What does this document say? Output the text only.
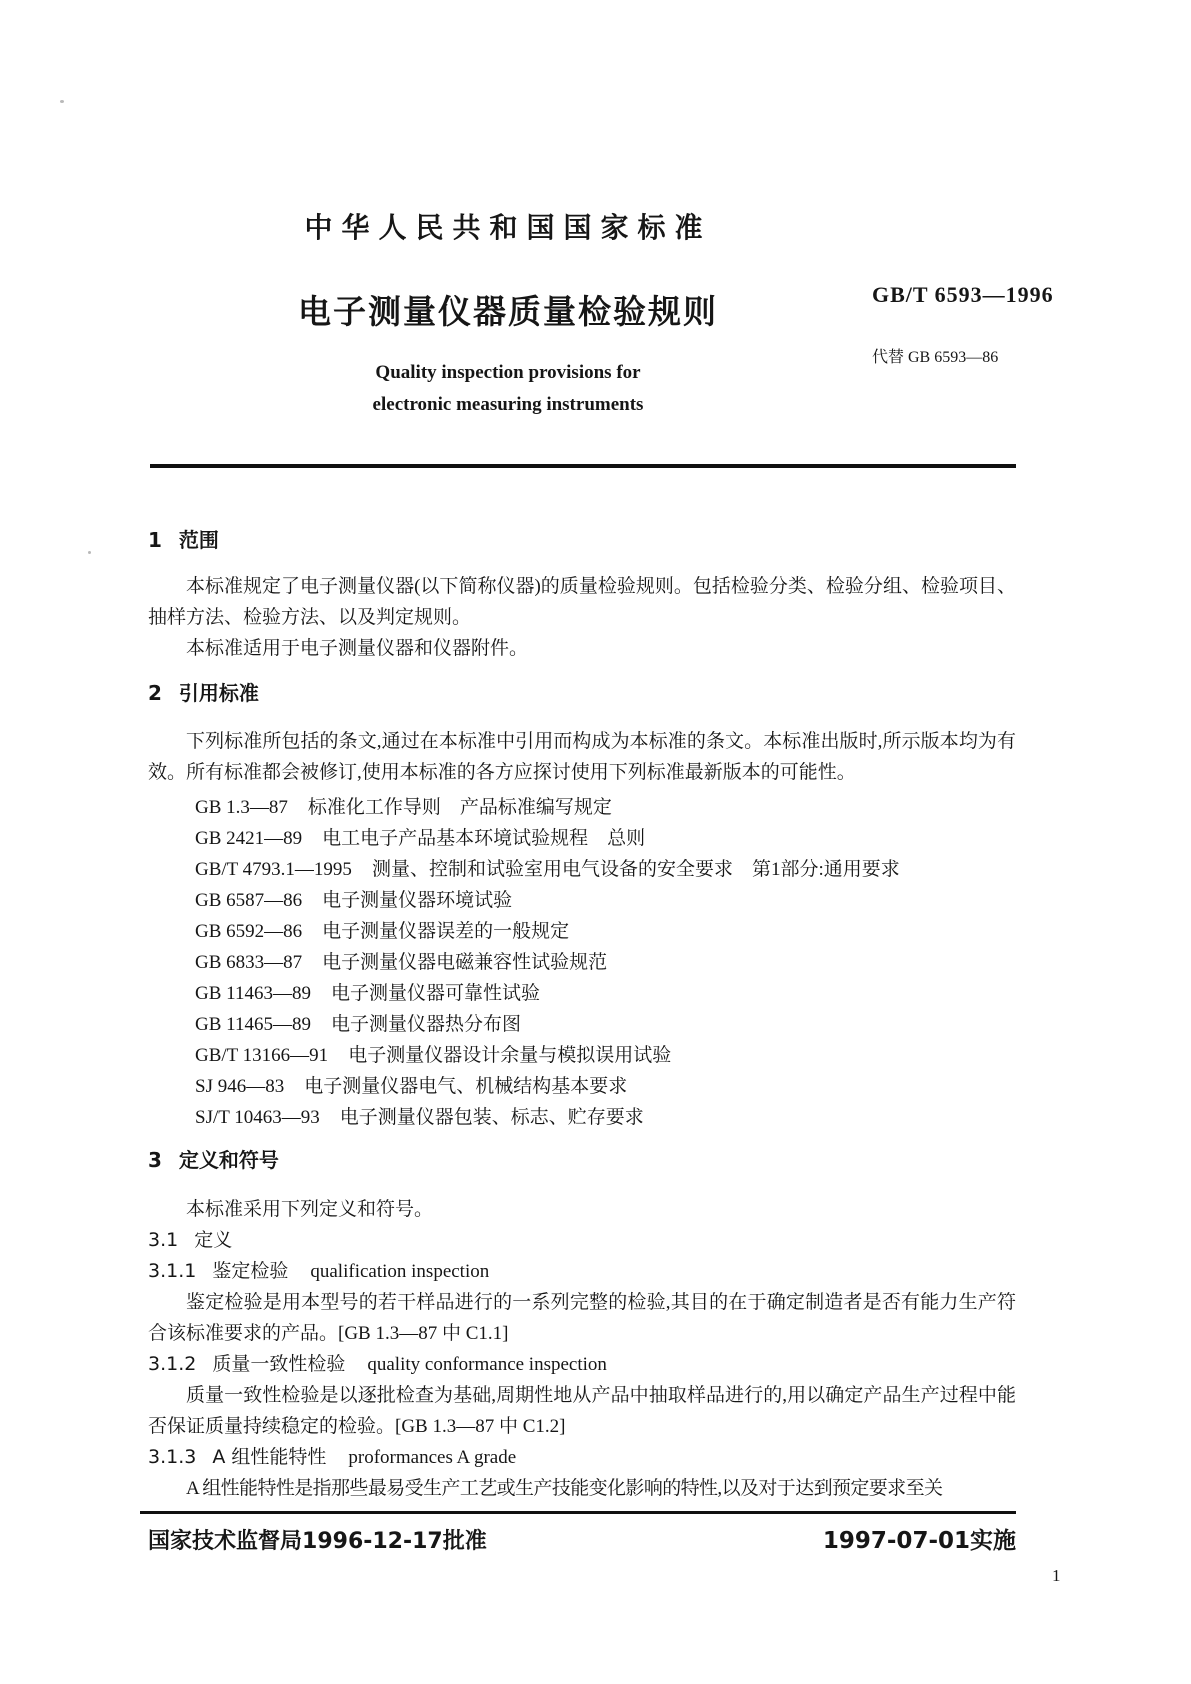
中华人民共和国国家标准
电子测量仪器质量检验规则
Quality inspection provisions for
electronic measuring instruments
GB/T 6593—1996
代替 GB 6593—86
1 范围

本标准规定了电子测量仪器(以下简称仪器)的质量检验规则。包括检验分类、检验分组、检验项目、抽样方法、检验方法、以及判定规则。

本标准适用于电子测量仪器和仪器附件。

2 引用标准

下列标准所包括的条文,通过在本标准中引用而构成为本标准的条文。本标准出版时,所示版本均为有效。所有标准都会被修订,使用本标准的各方应探讨使用下列标准最新版本的可能性。

GB 1.3—87 标准化工作导则　产品标准编写规定
GB 2421—89 电工电子产品基本环境试验规程　总则
GB/T 4793.1—1995 测量、控制和试验室用电气设备的安全要求　第1部分:通用要求
GB 6587—86 电子测量仪器环境试验
GB 6592—86 电子测量仪器误差的一般规定
GB 6833—87 电子测量仪器电磁兼容性试验规范
GB 11463—89 电子测量仪器可靠性试验
GB 11465—89 电子测量仪器热分布图
GB/T 13166—91 电子测量仪器设计余量与模拟误用试验
SJ 946—83 电子测量仪器电气、机械结构基本要求
SJ/T 10463—93 电子测量仪器包装、标志、贮存要求
3 定义和符号

本标准采用下列定义和符号。

3.1 定义
3.1.1 鉴定检验 qualification inspection

鉴定检验是用本型号的若干样品进行的一系列完整的检验,其目的在于确定制造者是否有能力生产符合该标准要求的产品。[GB 1.3—87 中 C1.1]

3.1.2 质量一致性检验 quality conformance inspection

质量一致性检验是以逐批检查为基础,周期性地从产品中抽取样品进行的,用以确定产品生产过程中能否保证质量持续稳定的检验。[GB 1.3—87 中 C1.2]

3.1.3 A 组性能特性 proformances A grade

A 组性能特性是指那些最易受生产工艺或生产技能变化影响的特性,以及对于达到预定要求至关

国家技术监督局1996-12-17批准	1997-07-01实施
1
